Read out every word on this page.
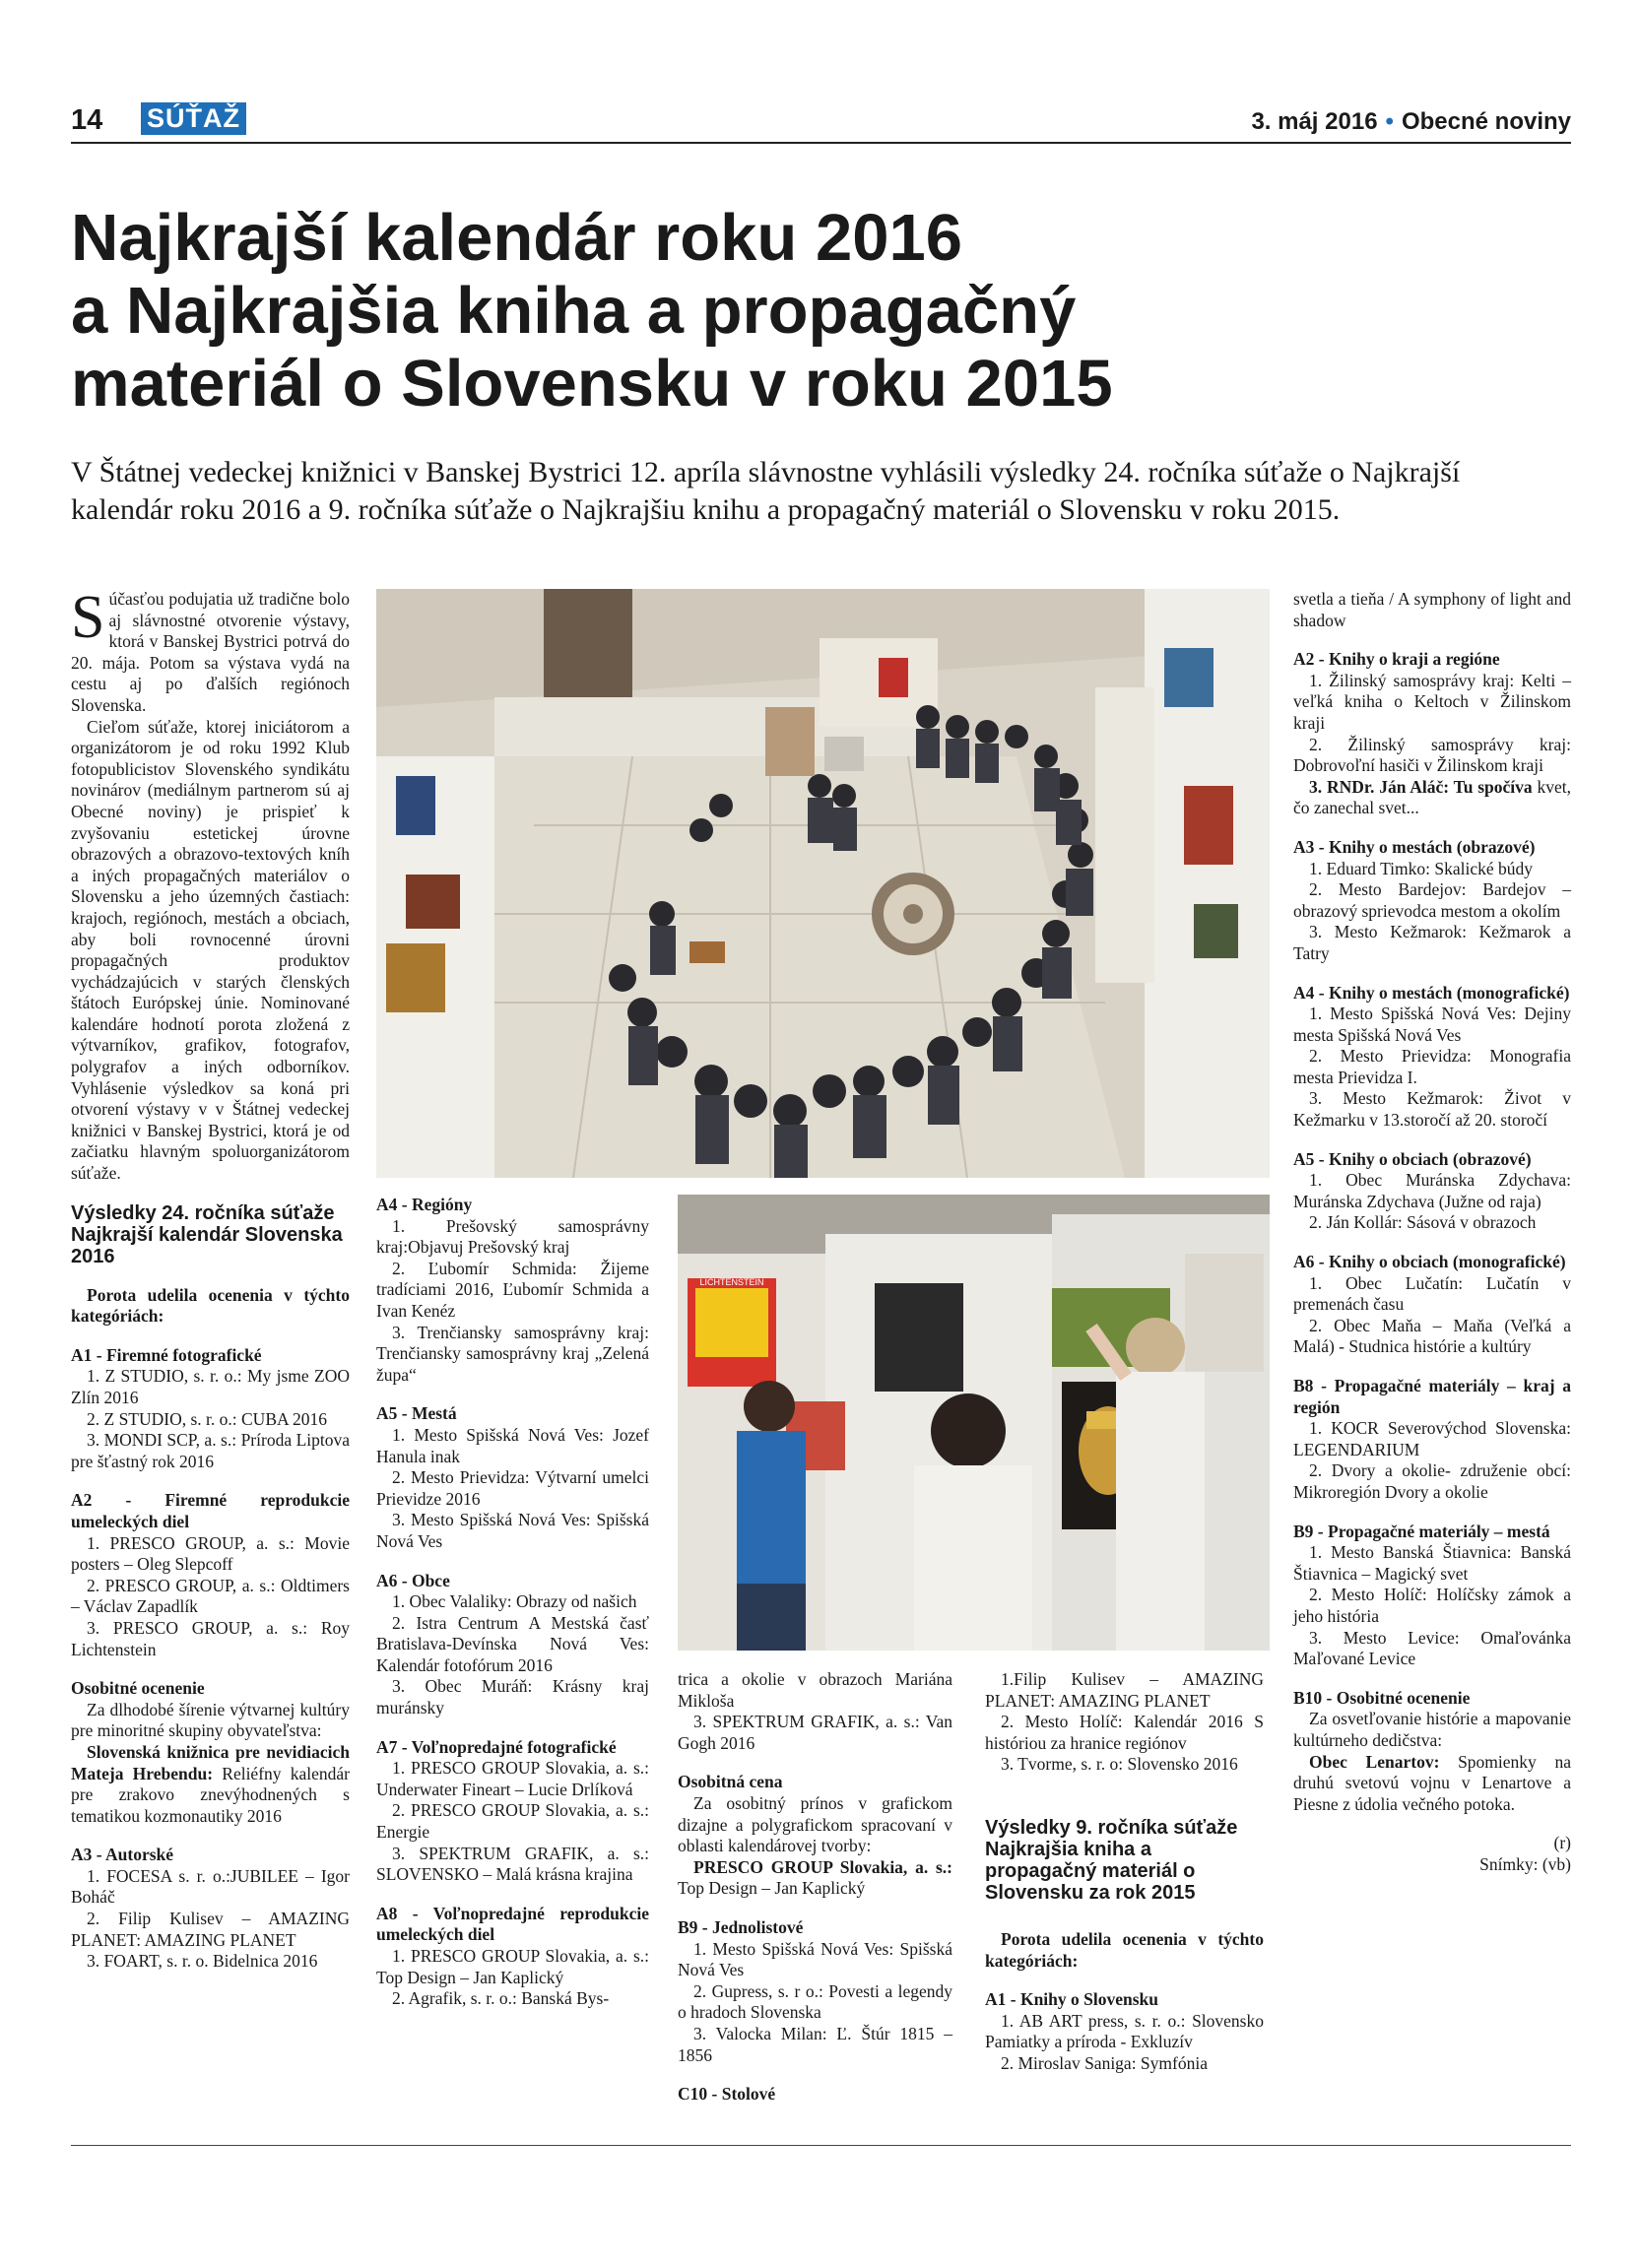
14 SÚŤAŽ	3. máj 2016 • Obecné noviny
Najkrajší kalendár roku 2016
a Najkrajšia kniha a propagačný
materiál o Slovensku v roku 2015
V Štátnej vedeckej knižnici v Banskej Bystrici 12. apríla slávnostne vyhlásili výsledky 24. ročníka súťaže o Najkrajší kalendár roku 2016 a 9. ročníka súťaže o Najkrajšiu knihu a propagačný materiál o Slovensku v roku 2015.

Súčasťou podujatia už tradične bolo aj slávnostné otvorenie výstavy, ktorá v Banskej Bystrici potrvá do 20. mája. Potom sa výstava vydá na cestu aj po ďalších regiónoch Slovenska.

Cieľom súťaže, ktorej iniciátorom a organizátorom je od roku 1992 Klub fotopublicistov Slovenského syndikátu novinárov (mediálnym partnerom sú aj Obecné noviny) je prispieť k zvyšovaniu estetickej úrovne obrazových a obrazovo-textových kníh a iných propagačných materiálov o Slovensku a jeho územných častiach: krajoch, regiónoch, mestách a obciach, aby boli rovnocenné úrovni propagačných produktov vychádzajúcich v starých členských štátoch Európskej únie. Nominované kalendáre hodnotí porota zložená z výtvarníkov, grafikov, fotografov, polygrafov a iných odborníkov. Vyhlásenie výsledkov sa koná pri otvorení výstavy v v Štátnej vedeckej knižnici v Banskej Bystrici, ktorá je od začiatku hlavným spoluorganizátorom súťaže.

Výsledky 24. ročníka súťaže Najkrajší kalendár Slovenska 2016

Porota udelila ocenenia v týchto kategóriách:

A1 - Firemné fotografické

1. Z STUDIO, s. r. o.: My jsme ZOO Zlín 2016

2. Z STUDIO, s. r. o.: CUBA 2016

3. MONDI SCP, a. s.: Príroda Liptova pre šťastný rok 2016

A2 - Firemné reprodukcie umeleckých diel

1. PRESCO GROUP, a. s.: Movie posters – Oleg Slepcoff

2. PRESCO GROUP, a. s.: Oldtimers – Václav Zapadlík

3. PRESCO GROUP, a. s.: Roy Lichtenstein

Osobitné ocenenie

Za dlhodobé šírenie výtvarnej kultúry pre minoritné skupiny obyvateľstva:

Slovenská knižnica pre nevidiacich Mateja Hrebendu: Reliéfny kalendár pre zrakovo znevýhodnených s tematikou kozmonautiky 2016

A3 - Autorské

1. FOCESA s. r. o.:JUBILEE – Igor Boháč

2. Filip Kulisev – AMAZING PLANET: AMAZING PLANET

3. FOART, s. r. o. Bidelnica 2016

A4 - Regióny

1. Prešovský samosprávny kraj:Objavuj Prešovský kraj

2. Ľubomír Schmida: Žijeme tradíciami 2016, Ľubomír Schmida a Ivan Kenéz

3. Trenčiansky samosprávny kraj: Trenčiansky samosprávny kraj „Zelená župa“

A5 - Mestá

1. Mesto Spišská Nová Ves: Jozef Hanula inak

2. Mesto Prievidza: Výtvarní umelci Prievidze 2016

3. Mesto Spišská Nová Ves: Spišská Nová Ves

A6 - Obce

1. Obec Valaliky: Obrazy od našich

2. Istra Centrum A Mestská časť Bratislava-Devínska Nová Ves: Kalendár fotofórum 2016

3. Obec Muráň: Krásny kraj muránsky

A7 - Voľnopredajné fotografické

1. PRESCO GROUP Slovakia, a. s.: Underwater Fineart – Lucie Drlíková

2. PRESCO GROUP Slovakia, a. s.: Energie

3. SPEKTRUM GRAFIK, a. s.: SLOVENSKO – Malá krásna krajina

A8 - Voľnopredajné reprodukcie umeleckých diel

1. PRESCO GROUP Slovakia, a. s.: Top Design – Jan Kaplický

2. Agrafik, s. r. o.: Banská Bys-

LICHTENSTEIN

trica a okolie v obrazoch Mariána Mikloša

3. SPEKTRUM GRAFIK, a. s.: Van Gogh 2016

Osobitná cena

Za osobitný prínos v grafickom dizajne a polygrafickom spracovaní v oblasti kalendárovej tvorby:

PRESCO GROUP Slovakia, a. s.: Top Design – Jan Kaplický

B9 - Jednolistové

1. Mesto Spišská Nová Ves: Spišská Nová Ves

2. Gupress, s. r o.: Povesti a legendy o hradoch Slovenska

3. Valocka Milan: Ľ. Štúr 1815 – 1856

C10 - Stolové

1.Filip Kulisev – AMAZING PLANET: AMAZING PLANET

2. Mesto Holíč: Kalendár 2016 S históriou za hranice regiónov

3. Tvorme, s. r. o: Slovensko 2016

Výsledky 9. ročníka súťaže Najkrajšia kniha a propagačný materiál o Slovensku za rok 2015

Porota udelila ocenenia v týchto kategóriách:

A1 - Knihy o Slovensku

1. AB ART press, s. r. o.: Slovensko Pamiatky a príroda - Exkluzív

2. Miroslav Saniga: Symfónia

svetla a tieňa / A symphony of light and shadow

A2 - Knihy o kraji a regióne

1. Žilinský samosprávy kraj: Kelti – veľká kniha o Keltoch v Žilinskom kraji

2. Žilinský samosprávy kraj: Dobrovoľní hasiči v Žilinskom kraji

3. RNDr. Ján Aláč: Tu spočíva kvet, čo zanechal svet...

A3 - Knihy o mestách (obrazové)

1. Eduard Timko: Skalické búdy

2. Mesto Bardejov: Bardejov – obrazový sprievodca mestom a okolím

3. Mesto Kežmarok: Kežmarok a Tatry

A4 - Knihy o mestách (monografické)

1. Mesto Spišská Nová Ves: Dejiny mesta Spišská Nová Ves

2. Mesto Prievidza: Monografia mesta Prievidza I.

3. Mesto Kežmarok: Život v Kežmarku v 13.storočí až 20. storočí

A5 - Knihy o obciach (obrazové)

1. Obec Muránska Zdychava: Muránska Zdychava (Južne od raja)

2. Ján Kollár: Sásová v obrazoch

A6 - Knihy o obciach (monografické)

1. Obec Lučatín: Lučatín v premenách času

2. Obec Maňa – Maňa (Veľká a Malá) - Studnica histórie a kultúry

B8 - Propagačné materiály – kraj a región

1. KOCR Severovýchod Slovenska: LEGENDARIUM

2. Dvory a okolie- združenie obcí: Mikroregión Dvory a okolie

B9 - Propagačné materiály – mestá

1. Mesto Banská Štiavnica: Banská Štiavnica – Magický svet

2. Mesto Holíč: Holíčsky zámok a jeho história

3. Mesto Levice: Omaľovánka Maľované Levice

B10 - Osobitné ocenenie

Za osvetľovanie histórie a mapovanie kultúrneho dedičstva:

Obec Lenartov: Spomienky na druhú svetovú vojnu v Lenartove a Piesne z údolia večného potoka.

(r)

Snímky: (vb)
